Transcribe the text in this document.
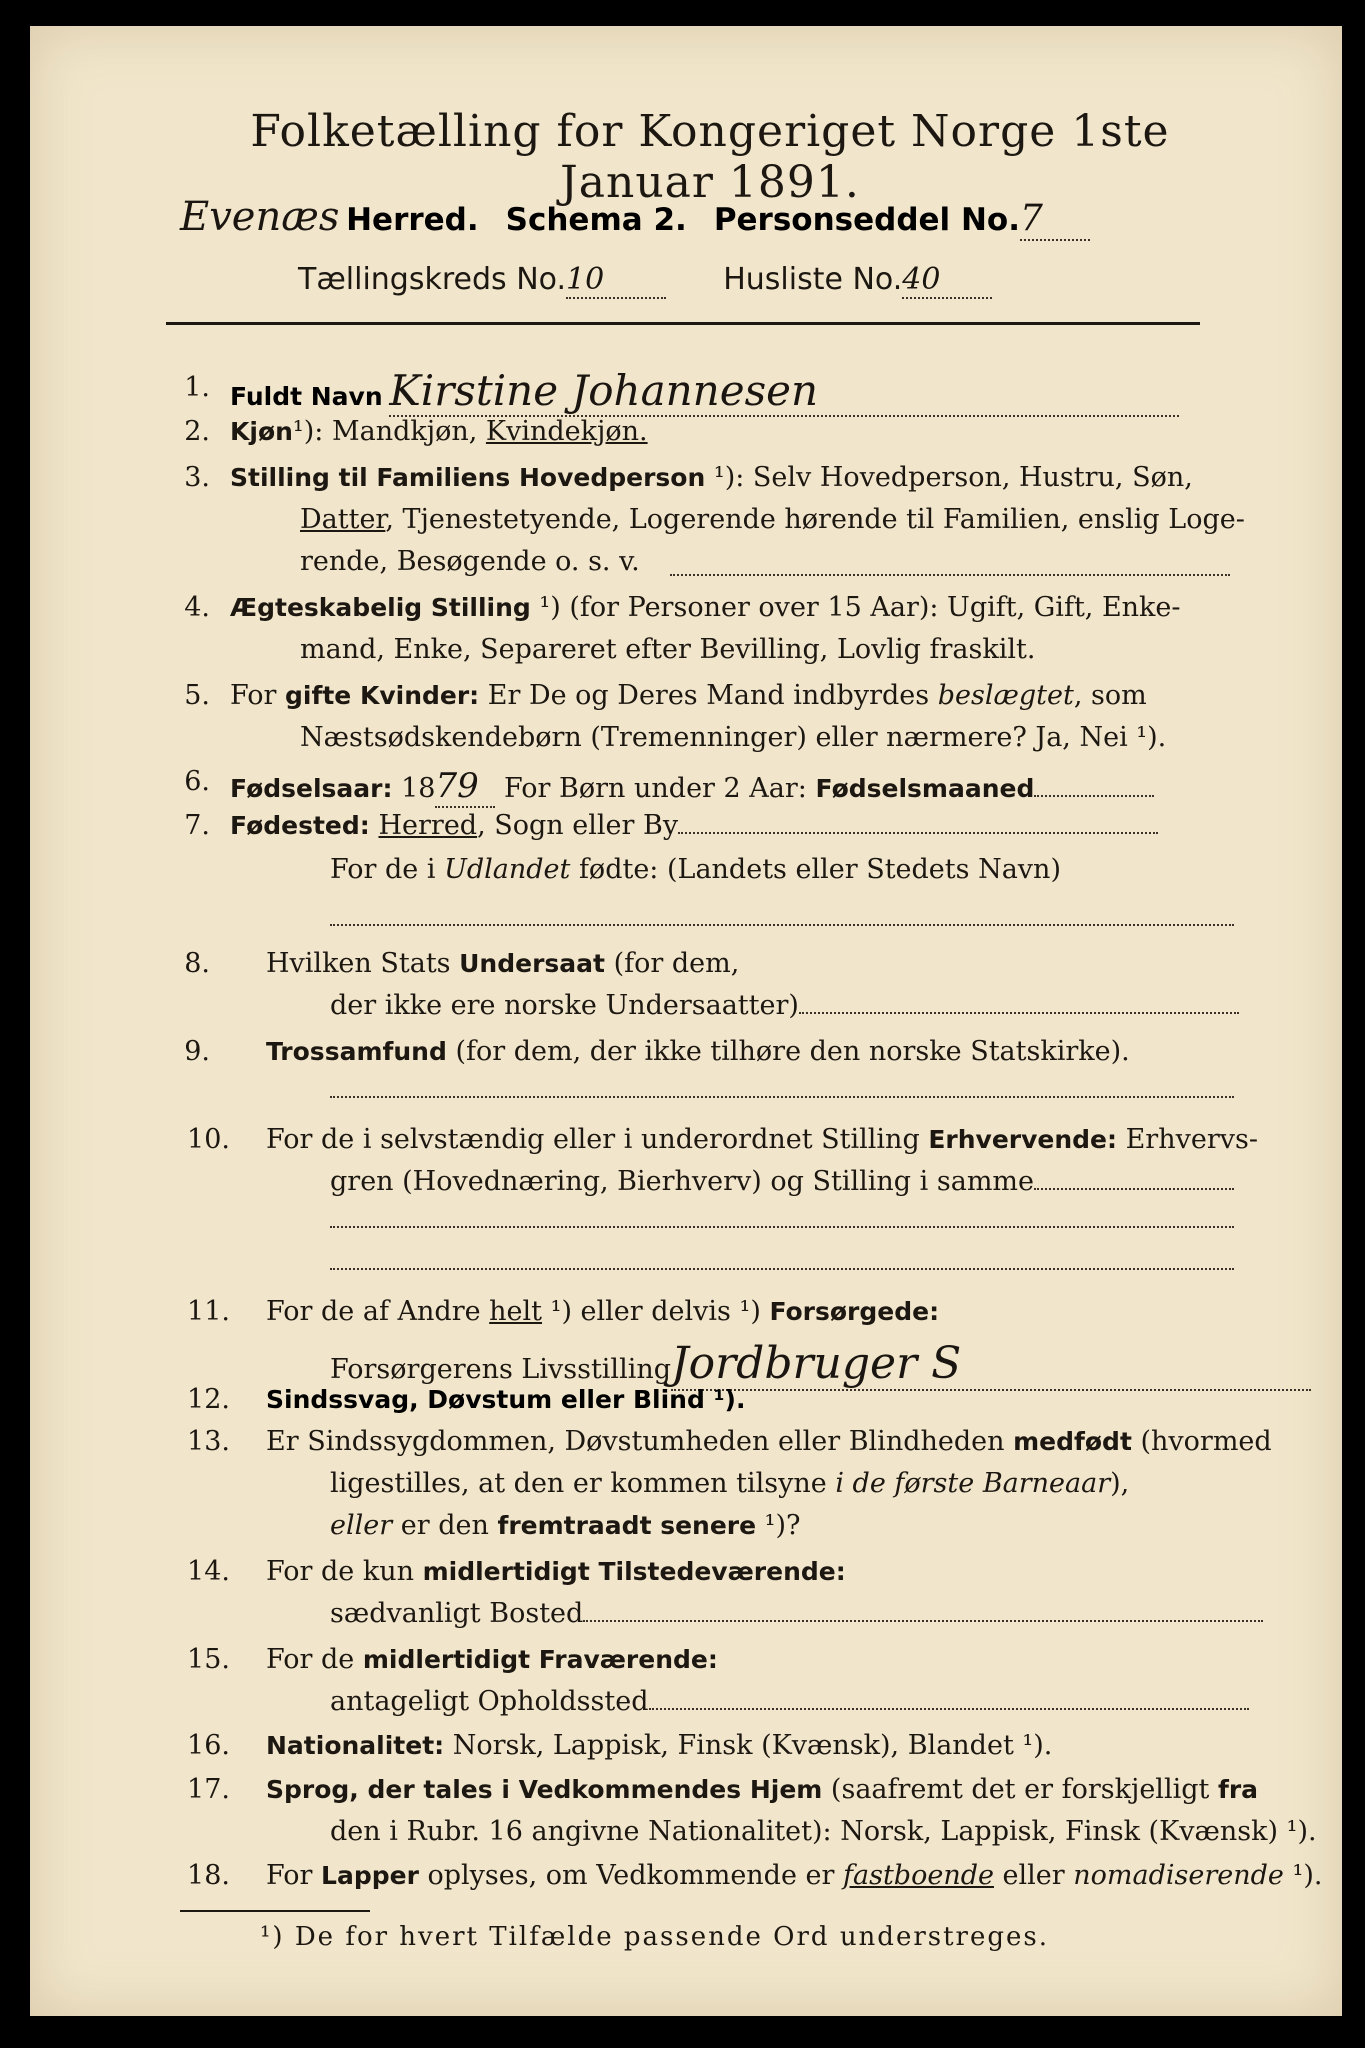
Folketælling for Kongeriget Norge 1ste Januar 1891.
Evenæs Herred. Schema 2. Personseddel No.7
Tællingskreds No.10	Husliste No.40
1. Fuldt Navn Kirstine Johannesen
2. Kjøn¹): Mandkjøn, Kvindekjøn.
3. Stilling til Familiens Hovedperson ¹): Selv Hovedperson, Hustru, Søn,
Datter, Tjenestetyende, Logerende hørende til Familien, enslig Loge-
rende, Besøgende o. s. v.
4. Ægteskabelig Stilling ¹) (for Personer over 15 Aar): Ugift, Gift, Enke-
mand, Enke, Separeret efter Bevilling, Lovlig fraskilt.
5. For gifte Kvinder: Er De og Deres Mand indbyrdes beslægtet, som
Næstsødskendebørn (Tremenninger) eller nærmere? Ja, Nei ¹).
6. Fødselsaar: 1879 For Børn under 2 Aar: Fødselsmaaned
7. Fødested: Herred, Sogn eller By
For de i Udlandet fødte: (Landets eller Stedets Navn)
8. Hvilken Stats Undersaat (for dem,
der ikke ere norske Undersaatter)
9. Trossamfund (for dem, der ikke tilhøre den norske Statskirke).
10. For de i selvstændig eller i underordnet Stilling Erhvervende: Erhvervs-
gren (Hovednæring, Bierhverv) og Stilling i samme
11. For de af Andre helt ¹) eller delvis ¹) Forsørgede:
Forsørgerens LivsstillingJordbruger S
12. Sindssvag, Døvstum eller Blind ¹).
13. Er Sindssygdommen, Døvstumheden eller Blindheden medfødt (hvormed
ligestilles, at den er kommen tilsyne i de første Barneaar),
eller er den fremtraadt senere ¹)?
14. For de kun midlertidigt Tilstedeværende:
sædvanligt Bosted
15. For de midlertidigt Fraværende:
antageligt Opholdssted
16. Nationalitet: Norsk, Lappisk, Finsk (Kvænsk), Blandet ¹).
17. Sprog, der tales i Vedkommendes Hjem (saafremt det er forskjelligt fra
den i Rubr. 16 angivne Nationalitet): Norsk, Lappisk, Finsk (Kvænsk) ¹).
18. For Lapper oplyses, om Vedkommende er fastboende eller nomadiserende ¹).
¹) De for hvert Tilfælde passende Ord understreges.
